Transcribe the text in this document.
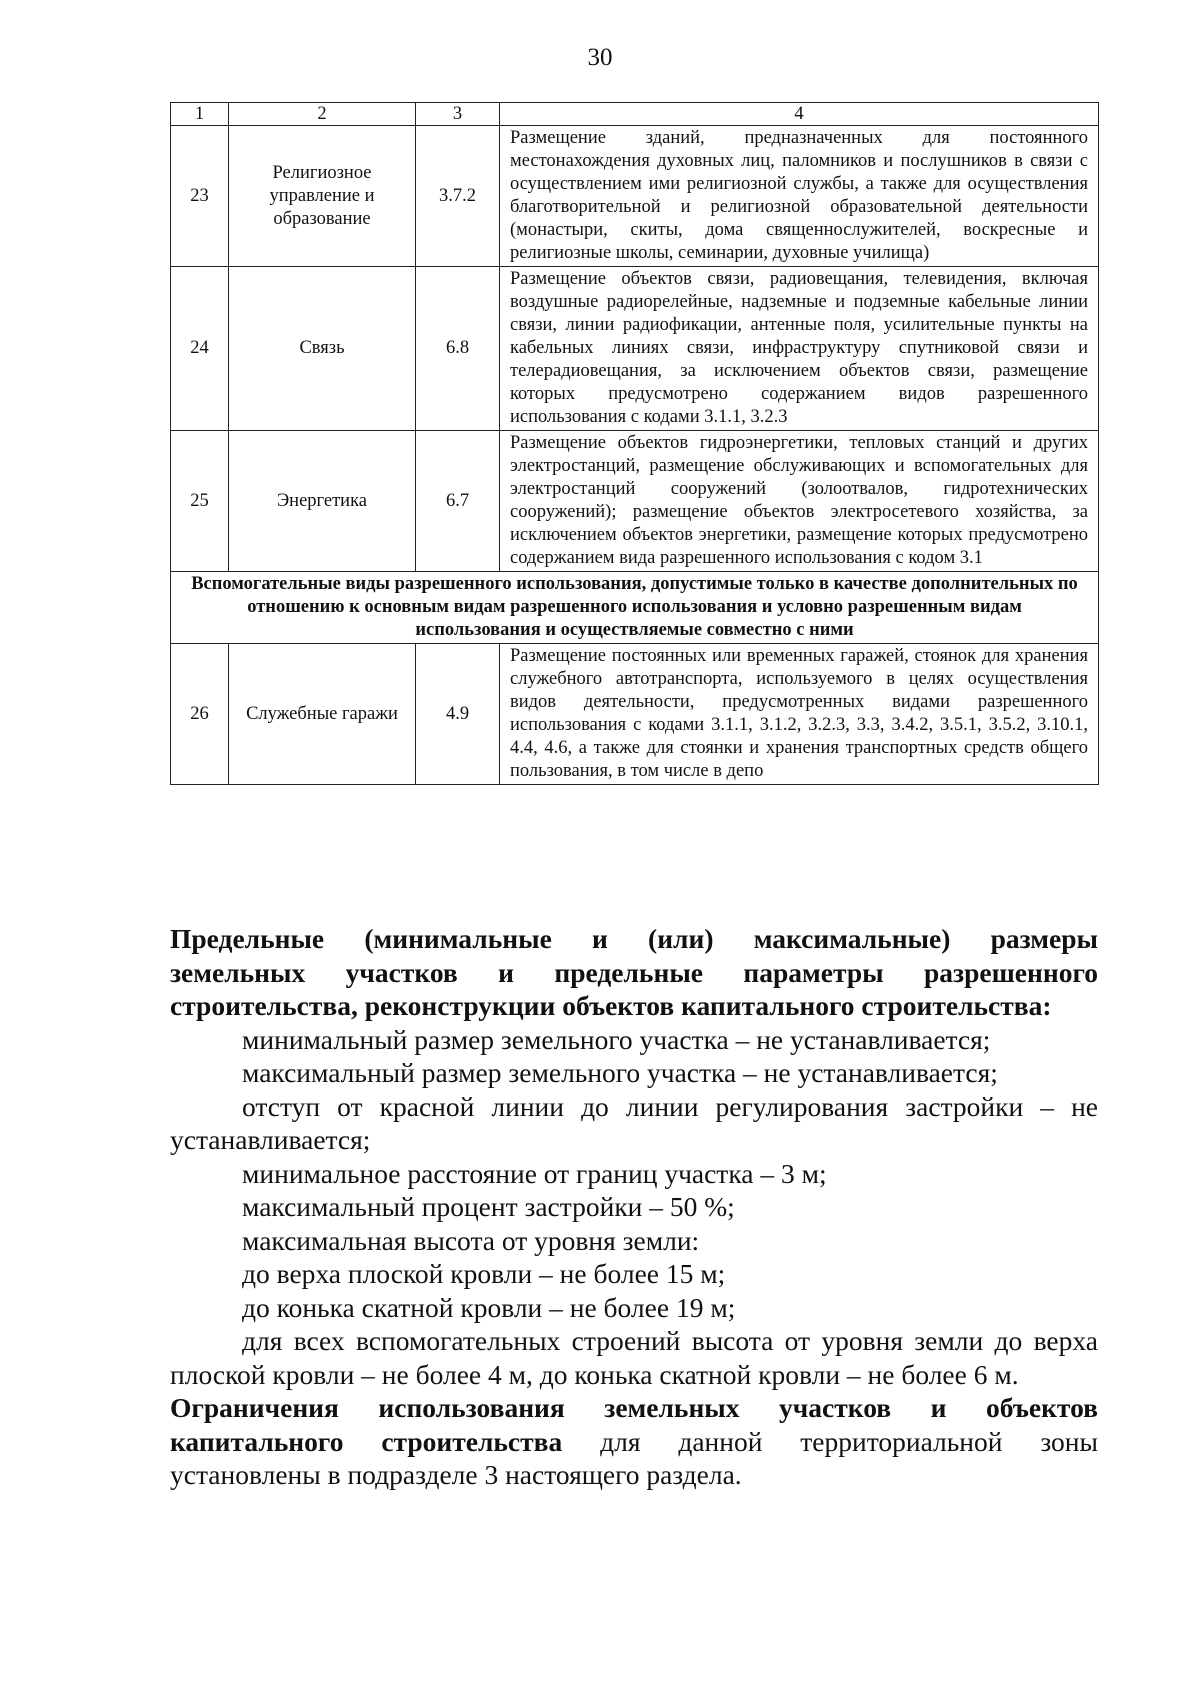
30
1	2	3	4
23	Религиозное управление и образование	3.7.2	Размещение зданий, предназначенных для постоянного местонахождения духовных лиц, паломников и послушников в связи с осуществлением ими религиозной службы, а также для осуществления благотворительной и религиозной образовательной деятельности (монастыри, скиты, дома священнослужителей, воскресные и религиозные школы, семинарии, духовные училища)
24	Связь	6.8	Размещение объектов связи, радиовещания, телевидения, включая воздушные радиорелейные, надземные и подземные кабельные линии связи, линии радиофикации, антенные поля, усилительные пункты на кабельных линиях связи, инфраструктуру спутниковой связи и телерадиовещания, за исключением объектов связи, размещение которых предусмотрено содержанием видов разрешенного использования с кодами 3.1.1, 3.2.3
25	Энергетика	6.7	Размещение объектов гидроэнергетики, тепловых станций и других электростанций, размещение обслуживающих и вспомогательных для электростанций сооружений (золоотвалов, гидротехнических сооружений); размещение объектов электросетевого хозяйства, за исключением объектов энергетики, размещение которых предусмотрено содержанием вида разрешенного использования с кодом 3.1
Вспомогательные виды разрешенного использования, допустимые только в качестве дополнительных по отношению к основным видам разрешенного использования и условно разрешенным видам использования и осуществляемые совместно с ними			
26	Служебные гаражи	4.9	Размещение постоянных или временных гаражей, стоянок для хранения служебного автотранспорта, используемого в целях осуществления видов деятельности, предусмотренных видами разрешенного использования с кодами 3.1.1, 3.1.2, 3.2.3, 3.3, 3.4.2, 3.5.1, 3.5.2, 3.10.1, 4.4, 4.6, а также для стоянки и хранения транспортных средств общего пользования, в том числе в депо

Предельные (минимальные и (или) максимальные) размеры

земельных участков и предельные параметры разрешенного

строительства, реконструкции объектов капитального строительства:

минимальный размер земельного участка – не устанавливается;

максимальный размер земельного участка – не устанавливается;

отступ от красной линии до линии регулирования застройки – не устанавливается;

минимальное расстояние от границ участка – 3 м;

максимальный процент застройки – 50 %;

максимальная высота от уровня земли:

до верха плоской кровли – не более 15 м;

до конька скатной кровли – не более 19 м;

для всех вспомогательных строений высота от уровня земли до верха плоской кровли – не более 4 м, до конька скатной кровли – не более 6 м.

Ограничения использования земельных участков и объектов капитального строительства для данной территориальной зоны установлены в подразделе 3 настоящего раздела.
